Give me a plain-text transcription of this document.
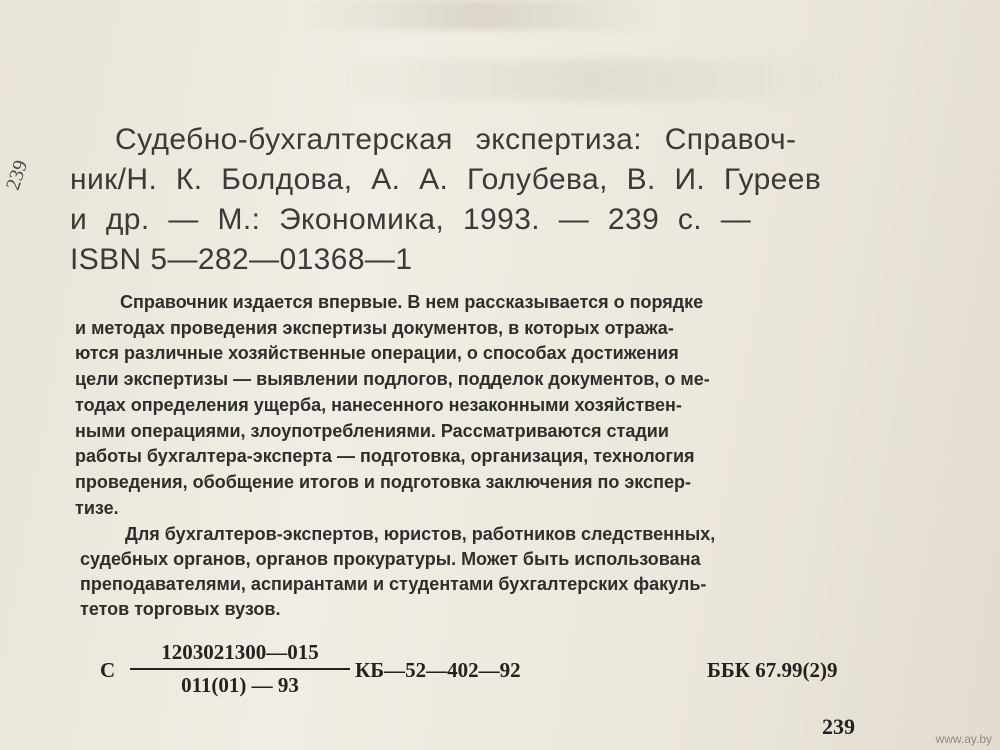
239
Судебно-бухгалтерская экспертиза: Справоч-
ник/Н. К. Болдова, А. А. Голубева, В. И. Гуреев
и др. — М.: Экономика, 1993. — 239 с. —
ISBN 5—282—01368—1
Справочник издается впервые. В нем рассказывается о порядке
и методах проведения экспертизы документов, в которых отража-
ются различные хозяйственные операции, о способах достижения
цели экспертизы — выявлении подлогов, подделок документов, о ме-
тодах определения ущерба, нанесенного незаконными хозяйствен-
ными операциями, злоупотреблениями. Рассматриваются стадии
работы бухгалтера-эксперта — подготовка, организация, технология
проведения, обобщение итогов и подготовка заключения по экспер-
тизе.
Для бухгалтеров-экспертов, юристов, работников следственных,
судебных органов, органов прокуратуры. Может быть использована
преподавателями, аспирантами и студентами бухгалтерских факуль-
тетов торговых вузов.
С
1203021300—015
011(01) — 93
КБ—52—402—92	ББК 67.99(2)9
239	www.ay.by
